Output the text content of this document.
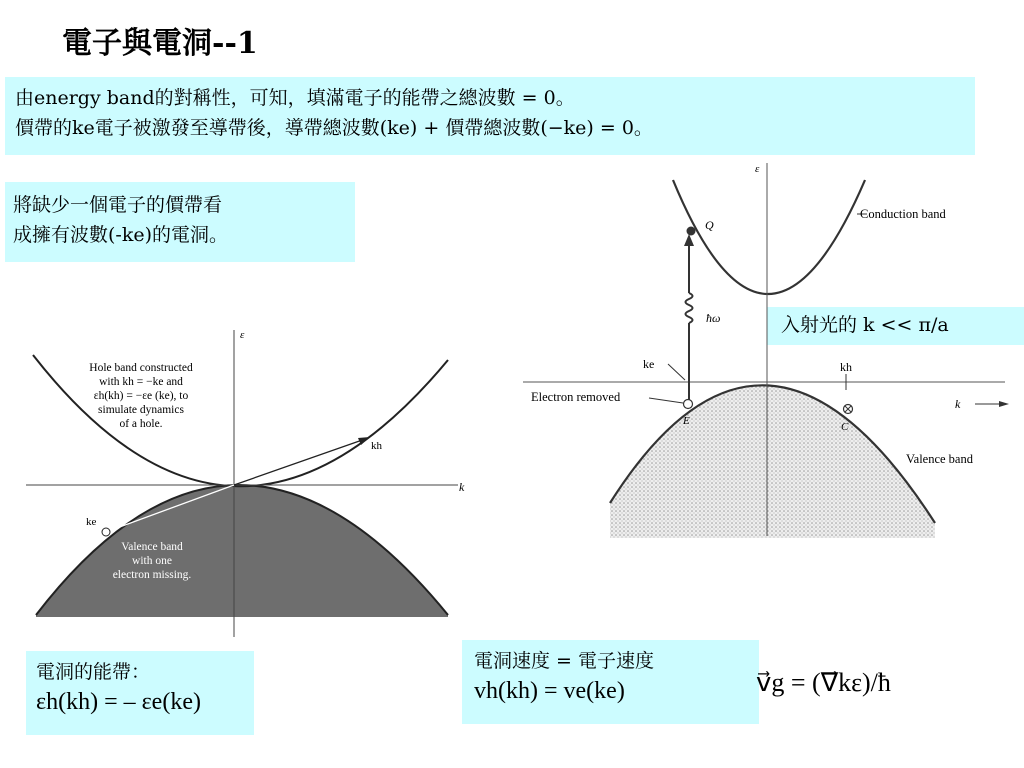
電子與電洞--1
由energy band的對稱性，可知，填滿電子的能帶之總波數 = 0。
價帶的ke電子被激發至導帶後，導帶總波數(ke) + 價帶總波數(−ke) = 0。
將缺少一個電子的價帶看
成擁有波數(-ke)的電洞。
入射光的 k << π/a
ε
k
kh
ke
Hole band constructed
with kh = −ke and
εh(kh) = −εe (ke), to
simulate dynamics
of a hole.
Valence band
with one
electron missing.
ε
k
Conduction band
Valence band
Electron removed
ħω
Q
E	C
ke	kh
電洞的能帶：
εh(kh) = – εe(ke)
電洞速度 = 電子速度
vh(kh) = ve(ke)	v⃗g = (∇⃗kε)/ħ
